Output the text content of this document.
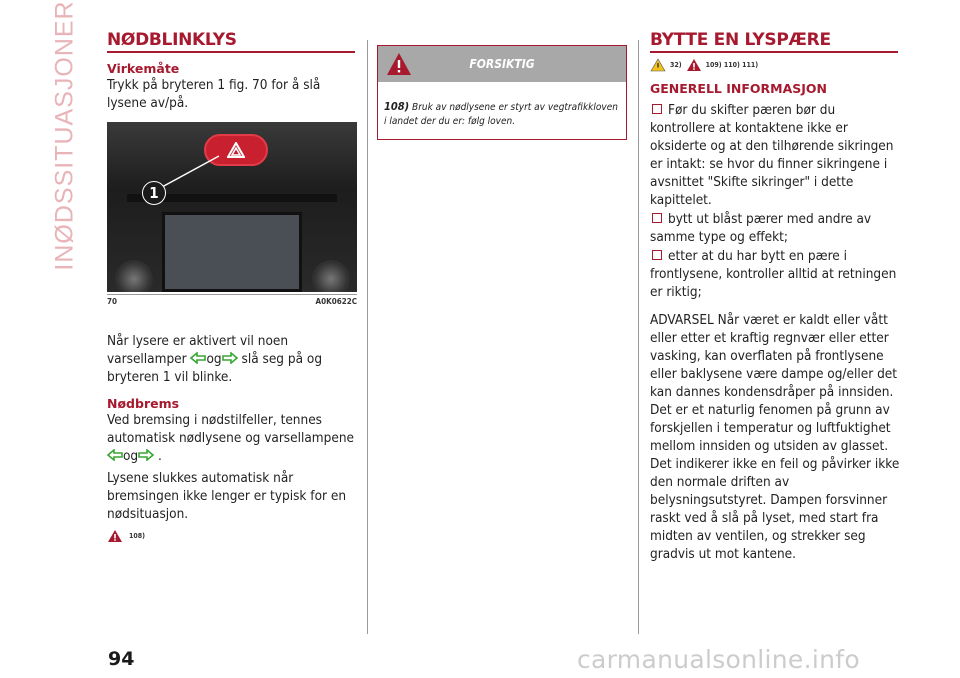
INØDSSITUASJONER NØDBLINKLYS
Virkemåte

Trykk på bryteren 1 fig. 70 for å slå lysene av/på.

1
70	A0K0622C

Når lysere er aktivert vil noen varsellamper og slå seg på og bryteren 1 vil blinke.

Nødbrems

Ved bremsing i nødstilfeller, tennes automatisk nødlysene og varsellampene
og .

Lysene slukkes automatisk når bremsingen ikke lenger er typisk for en nødsituasjon.

108)
FORSIKTIG
108) Bruk av nødlysene er styrt av vegtrafikkloven i landet der du er: følg loven.
BYTTE EN LYSPÆRE
32)	109) 110) 111)
GENERELL INFORMASJON
Før du skifter pæren bør du kontrollere at kontaktene ikke er oksiderte og at den tilhørende sikringen er intakt: se hvor du finner sikringene i avsnittet "Skifte sikringer" i dette kapittelet.
bytt ut blåst pærer med andre av samme type og effekt;
etter at du har bytt en pære i frontlysene, kontroller alltid at retningen er riktig;

ADVARSEL Når været er kaldt eller vått eller etter et kraftig regnvær eller etter vasking, kan overflaten på frontlysene eller baklysene være dampe og/eller det kan dannes kondensdråper på innsiden. Det er et naturlig fenomen på grunn av forskjellen i temperatur og luftfuktighet mellom innsiden og utsiden av glasset. Det indikerer ikke en feil og påvirker ikke den normale driften av belysningsutstyret. Dampen forsvinner raskt ved å slå på lyset, med start fra midten av ventilen, og strekker seg gradvis ut mot kantene.

94	carmanualsonline.info
